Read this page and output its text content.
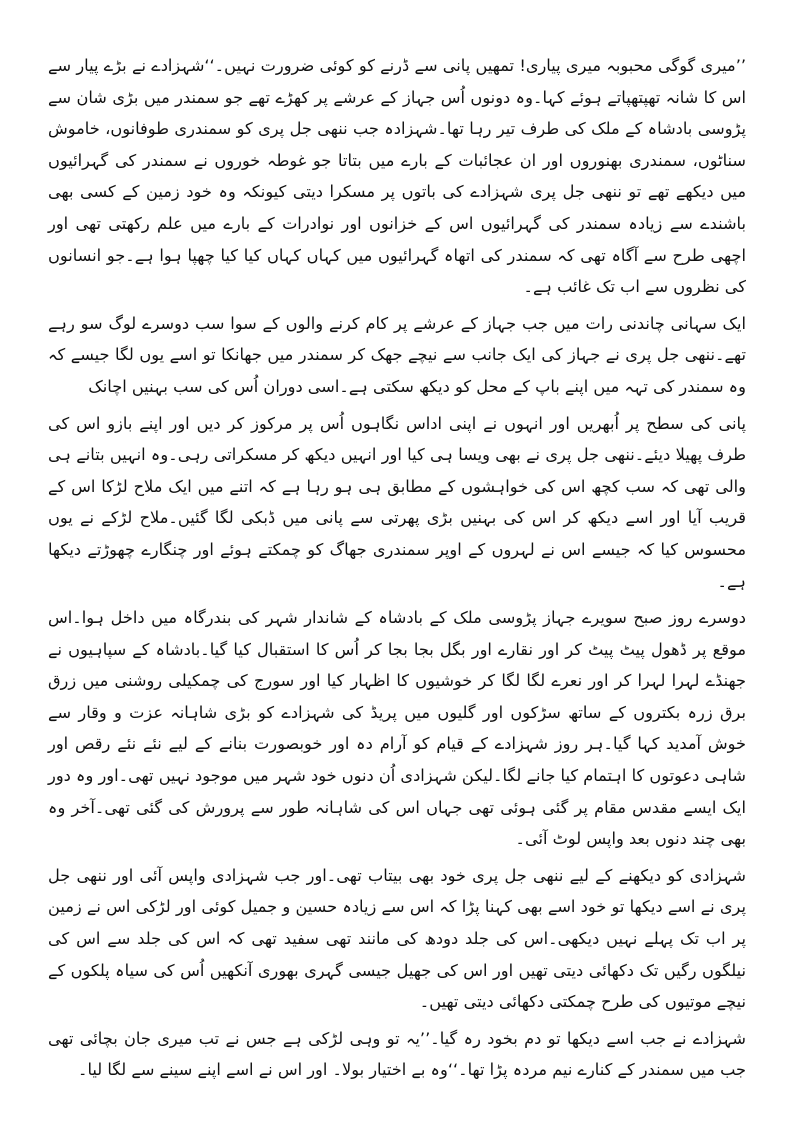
’’میری گوگی محبوبہ میری پیاری! تمھیں پانی سے ڈرنے کو کوئی ضرورت نہیں۔‘‘شہزادے نے بڑے پیار سے اس کا شانہ تھپتھپاتے ہوئے کہا۔وہ دونوں اُس جہاز کے عرشے پر کھڑے تھے جو سمندر میں بڑی شان سے پڑوسی بادشاہ کے ملک کی طرف تیر رہا تھا۔شہزادہ جب ننھی جل پری کو سمندری طوفانوں، خاموش سناٹوں، سمندری بھنوروں اور ان عجائبات کے بارے میں بتاتا جو غوطہ خوروں نے سمندر کی گہرائیوں میں دیکھے تھے تو ننھی جل پری شہزادے کی باتوں پر مسکرا دیتی کیونکہ وہ خود زمین کے کسی بھی باشندے سے زیادہ سمندر کی گہرائیوں اس کے خزانوں اور نوادرات کے بارے میں علم رکھتی تھی اور اچھی طرح سے آگاہ تھی کہ سمندر کی اتھاہ گہرائیوں میں کہاں کہاں کیا کیا چھپا ہوا ہے۔جو انسانوں کی نظروں سے اب تک غائب ہے۔

ایک سہانی چاندنی رات میں جب جہاز کے عرشے پر کام کرنے والوں کے سوا سب دوسرے لوگ سو رہے تھے۔ننھی جل پری نے جہاز کی ایک جانب سے نیچے جھک کر سمندر میں جھانکا تو اسے یوں لگا جیسے کہ وہ سمندر کی تہہ میں اپنے باپ کے محل کو دیکھ سکتی ہے۔اسی دوران اُس کی سب بہنیں اچانک

پانی کی سطح پر اُبھریں اور انہوں نے اپنی اداس نگاہوں اُس پر مرکوز کر دیں اور اپنے بازو اس کی طرف پھیلا دیئے۔ننھی جل پری نے بھی ویسا ہی کیا اور انہیں دیکھ کر مسکراتی رہی۔وہ انہیں بتانے ہی والی تھی کہ سب کچھ اس کی خواہشوں کے مطابق ہی ہو رہا ہے کہ اتنے میں ایک ملاح لڑکا اس کے قریب آیا اور اسے دیکھ کر اس کی بہنیں بڑی پھرتی سے پانی میں ڈبکی لگا گئیں۔ملاح لڑکے نے یوں محسوس کیا کہ جیسے اس نے لہروں کے اوپر سمندری جھاگ کو چمکتے ہوئے اور چنگارے چھوڑتے دیکھا ہے۔

دوسرے روز صبح سویرے جہاز پڑوسی ملک کے بادشاہ کے شاندار شہر کی بندرگاہ میں داخل ہوا۔اس موقع پر ڈھول پیٹ پیٹ کر اور نقارے اور بگل بجا بجا کر اُس کا استقبال کیا گیا۔بادشاہ کے سپاہیوں نے جھنڈے لہرا لہرا کر اور نعرے لگا لگا کر خوشیوں کا اظہار کیا اور سورج کی چمکیلی روشنی میں زرق برق زرہ بکتروں کے ساتھ سڑکوں اور گلیوں میں پریڈ کی شہزادے کو بڑی شاہانہ عزت و وقار سے خوش آمدید کہا گیا۔ہر روز شہزادے کے قیام کو آرام دہ اور خوبصورت بنانے کے لیے نئے نئے رقص اور شاہی دعوتوں کا اہتمام کیا جانے لگا۔لیکن شہزادی اُن دنوں خود شہر میں موجود نہیں تھی۔اور وہ دور ایک ایسے مقدس مقام پر گئی ہوئی تھی جہاں اس کی شاہانہ طور سے پرورش کی گئی تھی۔آخر وہ بھی چند دنوں بعد واپس لوٹ آئی۔

شہزادی کو دیکھنے کے لیے ننھی جل پری خود بھی بیتاب تھی۔اور جب شہزادی واپس آئی اور ننھی جل پری نے اسے دیکھا تو خود اسے بھی کہنا پڑا کہ اس سے زیادہ حسین و جمیل کوئی اور لڑکی اس نے زمین پر اب تک پہلے نہیں دیکھی۔اس کی جلد دودھ کی مانند تھی سفید تھی کہ اس کی جلد سے اس کی نیلگوں رگیں تک دکھائی دیتی تھیں اور اس کی جھیل جیسی گہری بھوری آنکھیں اُس کی سیاہ پلکوں کے نیچے موتیوں کی طرح چمکتی دکھائی دیتی تھیں۔

شہزادے نے جب اسے دیکھا تو دم بخود رہ گیا۔’’یہ تو وہی لڑکی ہے جس نے تب میری جان بچائی تھی جب میں سمندر کے کنارے نیم مردہ پڑا تھا۔‘‘وہ بے اختیار بولا۔ اور اس نے اسے اپنے سینے سے لگا لیا۔
